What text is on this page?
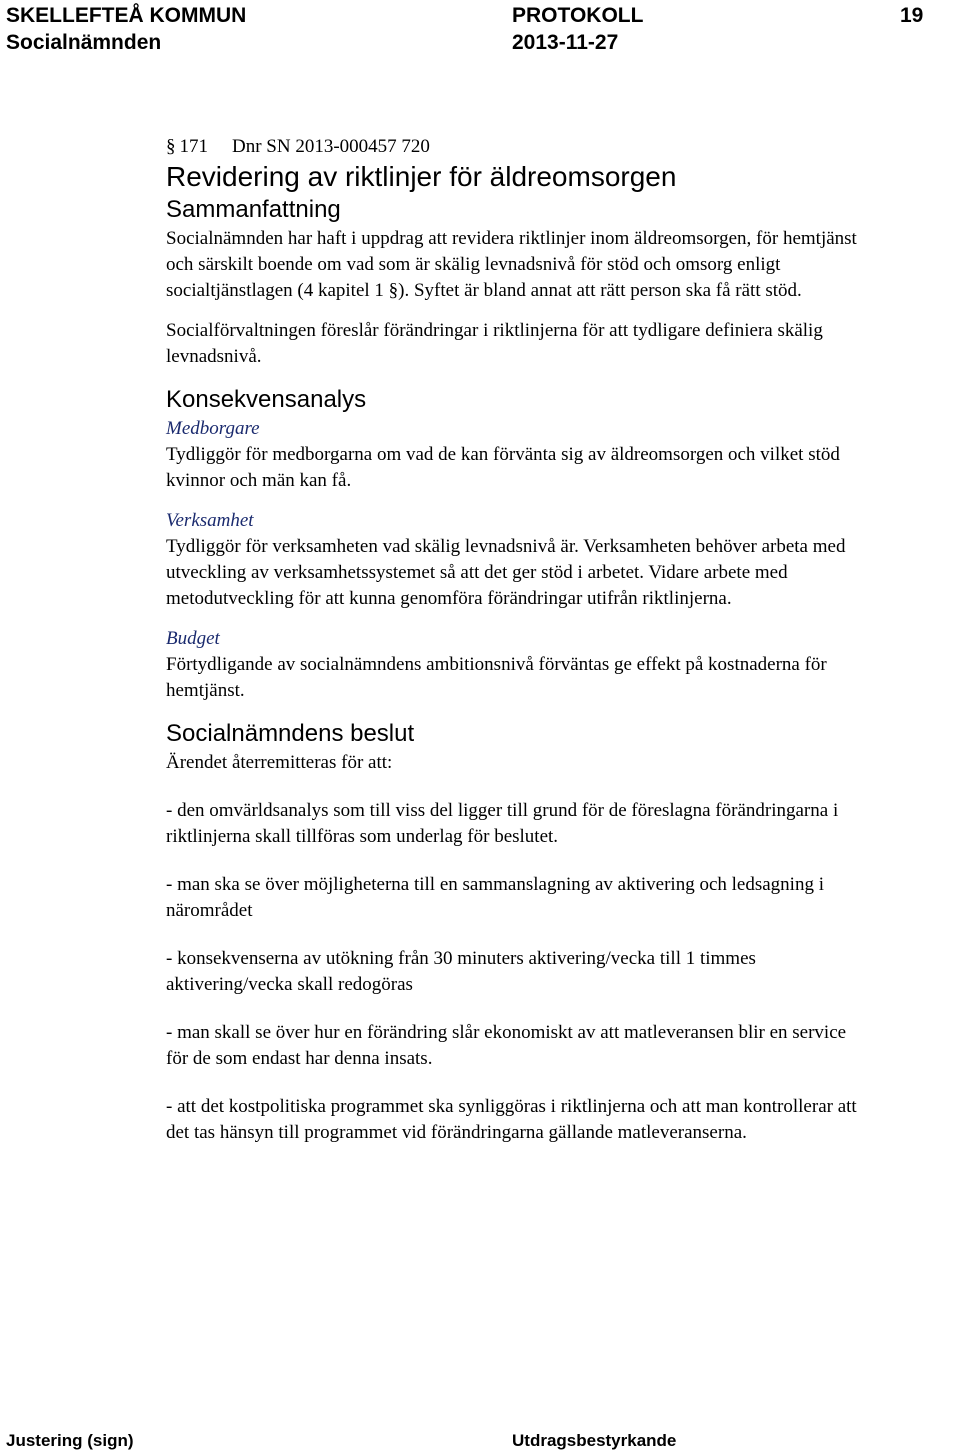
SKELLEFTEÅ KOMMUN	PROTOKOLL	19
Socialnämnden	2013-11-27

§ 171 Dnr SN 2013-000457 720

Revidering av riktlinjer för äldreomsorgen

Sammanfattning

Socialnämnden har haft i uppdrag att revidera riktlinjer inom äldreomsorgen, för hemtjänst och särskilt boende om vad som är skälig levnadsnivå för stöd och omsorg enligt socialtjänstlagen (4 kapitel 1 §). Syftet är bland annat att rätt person ska få rätt stöd.

Socialförvaltningen föreslår förändringar i riktlinjerna för att tydligare definiera skälig levnadsnivå.

Konsekvensanalys

Medborgare

Tydliggör för medborgarna om vad de kan förvänta sig av äldreomsorgen och vilket stöd kvinnor och män kan få.

Verksamhet

Tydliggör för verksamheten vad skälig levnadsnivå är. Verksamheten behöver arbeta med utveckling av verksamhetssystemet så att det ger stöd i arbetet. Vidare arbete med metodutveckling för att kunna genomföra förändringar utifrån riktlinjerna.

Budget

Förtydligande av socialnämndens ambitionsnivå förväntas ge effekt på kostnaderna för hemtjänst.

Socialnämndens beslut

Ärendet återremitteras för att:

- den omvärldsanalys som till viss del ligger till grund för de föreslagna förändringarna i riktlinjerna skall tillföras som underlag för beslutet.

- man ska se över möjligheterna till en sammanslagning av aktivering och ledsagning i närområdet

- konsekvenserna av utökning från 30 minuters aktivering/vecka till 1 timmes aktivering/vecka skall redogöras

- man skall se över hur en förändring slår ekonomiskt av att matleveransen blir en service för de som endast har denna insats.

- att det kostpolitiska programmet ska synliggöras i riktlinjerna och att man kontrollerar att det tas hänsyn till programmet vid förändringarna gällande matleveranserna.

Justering (sign)	Utdragsbestyrkande
